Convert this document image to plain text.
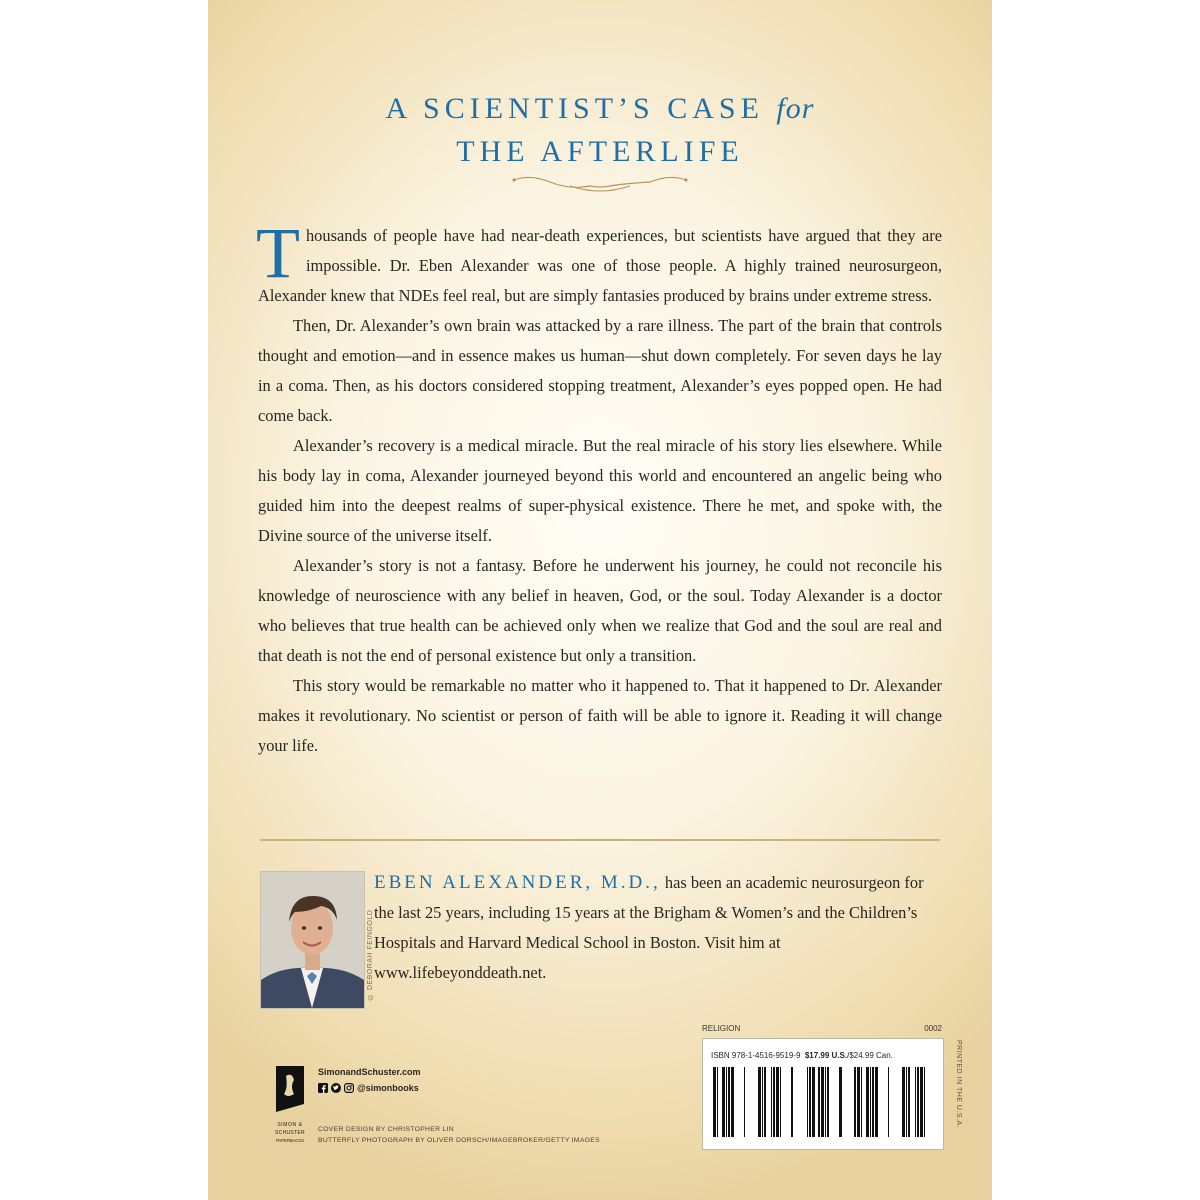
A SCIENTIST’S CASE for
THE AFTERLIFE

Thousands of people have had near-death experiences, but scientists have argued that they are impossible. Dr. Eben Alexander was one of those people. A highly trained neurosurgeon, Alexander knew that NDEs feel real, but are simply fantasies produced by brains under extreme stress.

Then, Dr. Alexander’s own brain was attacked by a rare illness. The part of the brain that controls thought and emotion—and in essence makes us human—shut down completely. For seven days he lay in a coma. Then, as his doctors considered stopping treatment, Alexander’s eyes popped open. He had come back.

Alexander’s recovery is a medical miracle. But the real miracle of his story lies elsewhere. While his body lay in coma, Alexander journeyed beyond this world and encountered an angelic being who guided him into the deepest realms of super-physical existence. There he met, and spoke with, the Divine source of the universe itself.

Alexander’s story is not a fantasy. Before he underwent his journey, he could not reconcile his knowledge of neuroscience with any belief in heaven, God, or the soul. Today Alexander is a doctor who believes that true health can be achieved only when we realize that God and the soul are real and that death is not the end of personal existence but only a transition.

This story would be remarkable no matter who it happened to. That it happened to Dr. Alexander makes it revolutionary. No scientist or person of faith will be able to ignore it. Reading it will change your life.

© DEBORAH FEINGOLD
EBEN ALEXANDER, M.D., has been an academic neurosurgeon for the last 25 years, including 15 years at the Brigham & Women’s and the Children’s Hospitals and Harvard Medical School in Boston. Visit him at www.lifebeyonddeath.net.
RELIGION	0002
ISBN 978-1-4516-9519-9 $17.99 U.S./$24.99 Can.	PRINTED IN THE U.S.A.
SIMON &
SCHUSTER
PAPERBACKS
SimonandSchuster.com
@simonbooks
COVER DESIGN BY CHRISTOPHER LIN
BUTTERFLY PHOTOGRAPH BY OLIVER DORSCH/IMAGEBROKER/GETTY IMAGES
